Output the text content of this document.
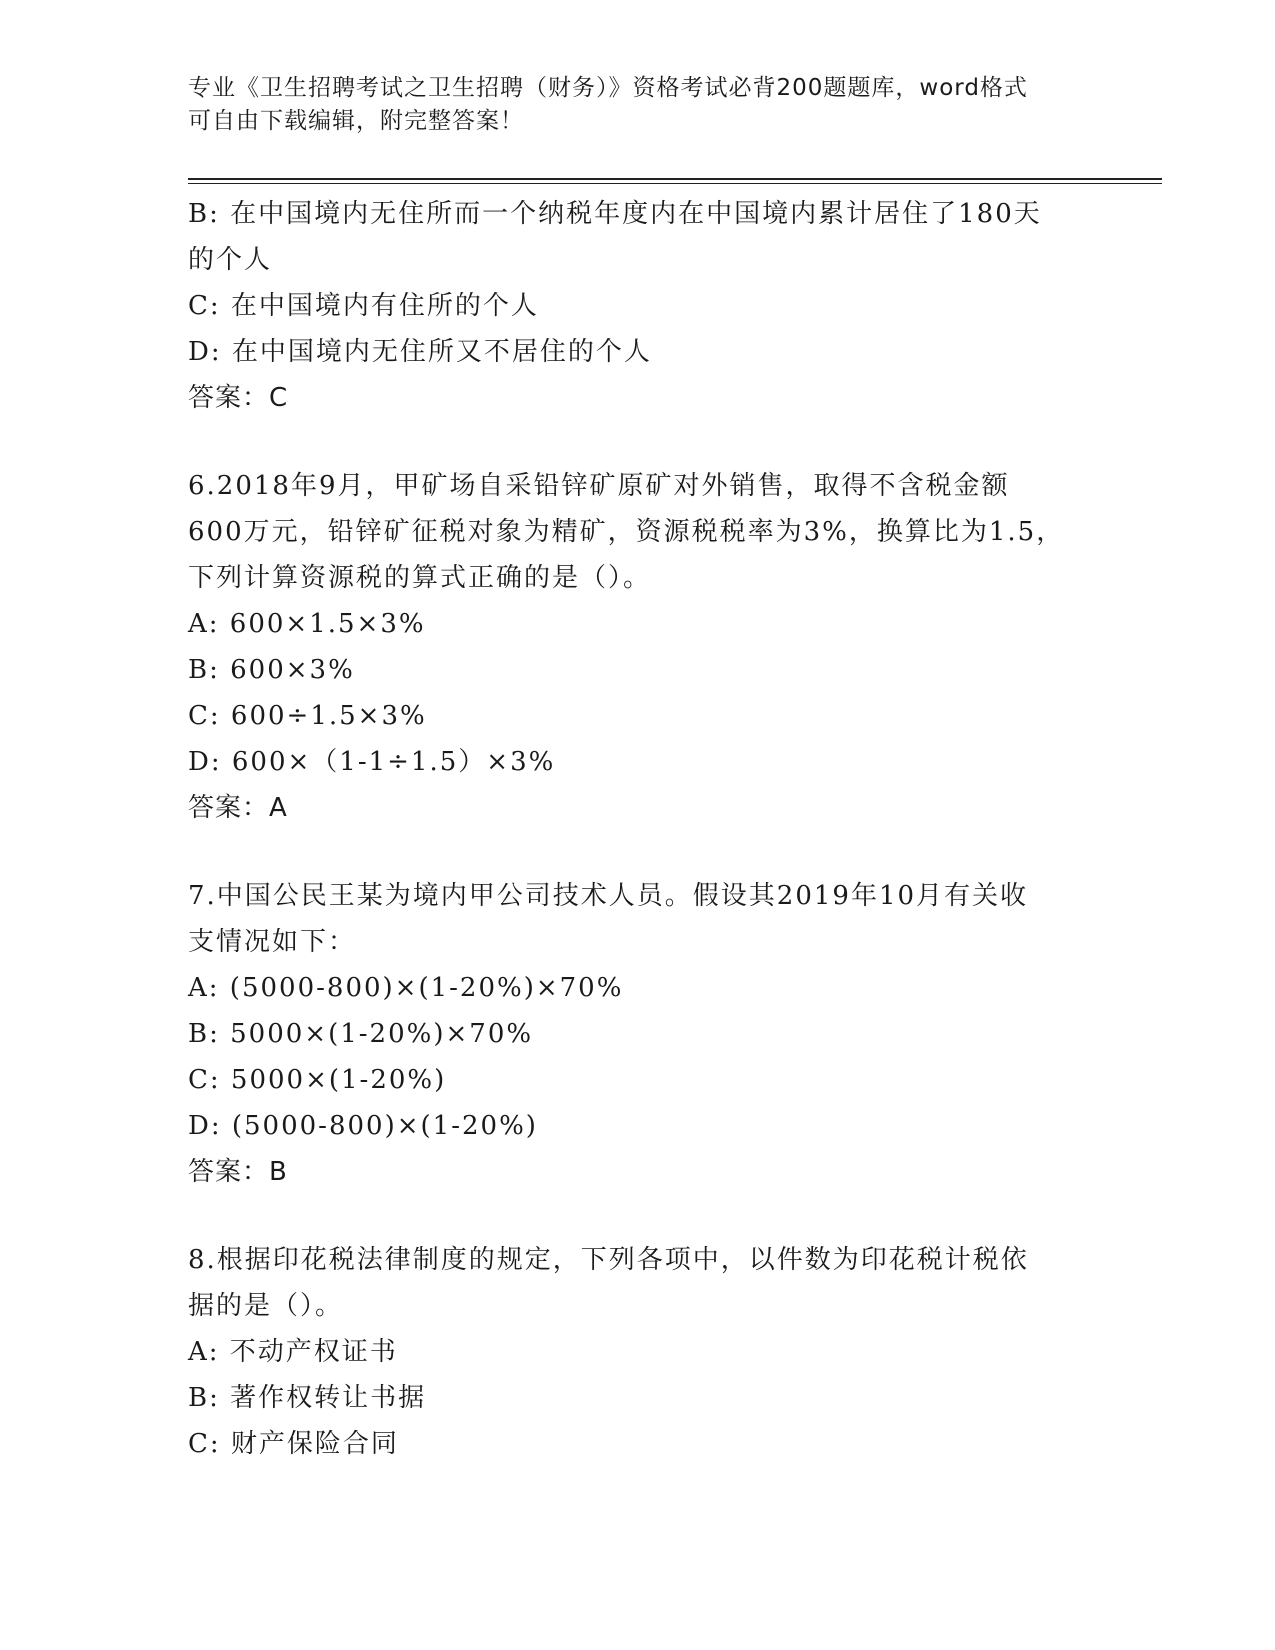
专业《卫生招聘考试之卫生招聘（财务）》资格考试必背200题题库，word格式
可自由下载编辑，附完整答案！
B: 在中国境内无住所而一个纳税年度内在中国境内累计居住了180天
的个人
C: 在中国境内有住所的个人
D: 在中国境内无住所又不居住的个人
答案：C
6.2018年9月，甲矿场自采铅锌矿原矿对外销售，取得不含税金额
600万元，铅锌矿征税对象为精矿，资源税税率为3%，换算比为1.5，
下列计算资源税的算式正确的是（）。
A: 600×1.5×3%
B: 600×3%
C: 600÷1.5×3%
D: 600×（1-1÷1.5）×3%
答案：A
7.中国公民王某为境内甲公司技术人员。假设其2019年10月有关收
支情况如下：
A: (5000-800)×(1-20%)×70%
B: 5000×(1-20%)×70%
C: 5000×(1-20%)
D: (5000-800)×(1-20%)
答案：B
8.根据印花税法律制度的规定，下列各项中，以件数为印花税计税依
据的是（）。
A: 不动产权证书
B: 著作权转让书据
C: 财产保险合同
